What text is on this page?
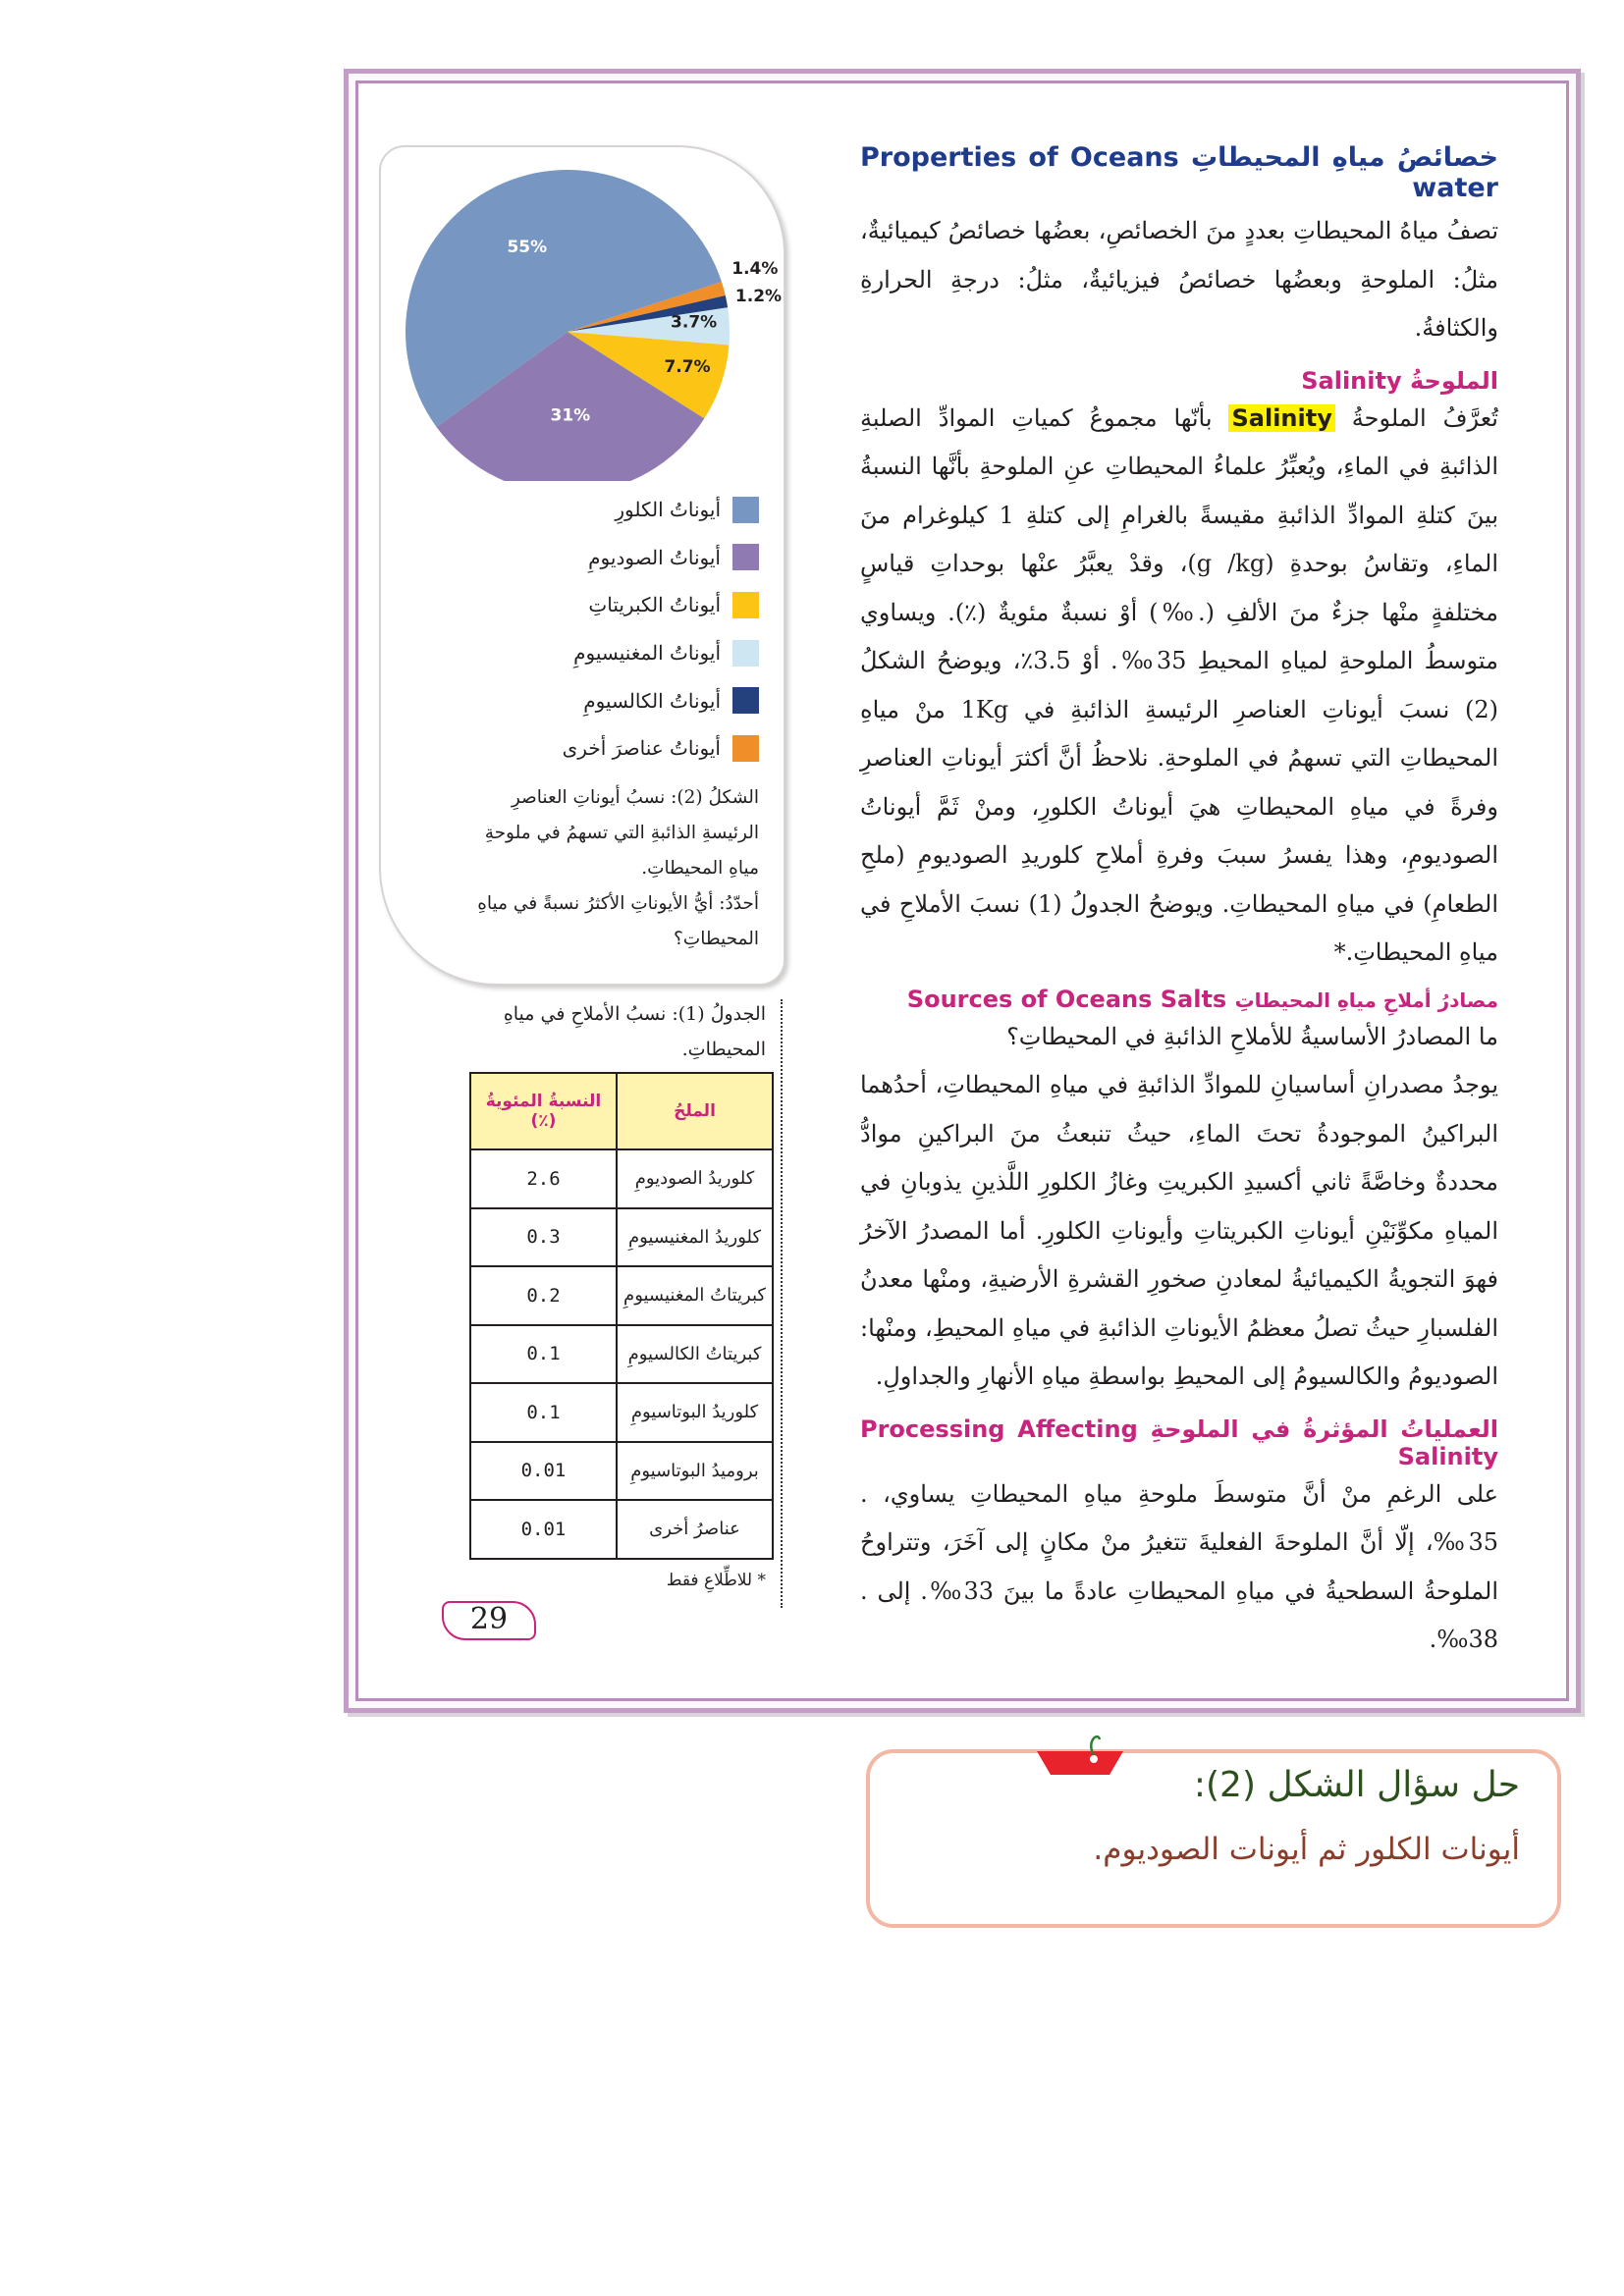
1.4%
1.2%
3.7%
7.7%
31%
55%
أيوناتُ الكلورِ
أيوناتُ الصوديومِ
أيوناتُ الكبريتاتِ
أيوناتُ المغنيسيومِ
أيوناتُ الكالسيومِ
أيوناتُ عناصرَ أخرى

الشكلُ (2): نسبُ أيوناتِ العناصرِ الرئيسةِ الذائبةِ التي تسهمُ في ملوحةِ مياهِ المحيطاتِ.

أحدّدُ: أيُّ الأيوناتِ الأكثرُ نسبةً في مياهِ المحيطاتِ؟

خصائصُ مياهِ المحيطاتِ Properties of Oceans water

تصفُ مياهُ المحيطاتِ بعددٍ منَ الخصائصِ، بعضُها خصائصُ كيميائيةٌ، مثلُ: الملوحةِ وبعضُها خصائصُ فيزيائيةٌ، مثلُ: درجةِ الحرارةِ والكثافةُ.

الملوحةُ Salinity

تُعرَّفُ الملوحةُ Salinity بأنّها مجموعُ كمياتِ الموادِّ الصلبةِ الذائبةِ في الماءِ، ويُعبِّرُ علماءُ المحيطاتِ عنِ الملوحةِ بأنَّها النسبةُ بينَ كتلةِ الموادِّ الذائبةِ مقيسةً بالغرامِ إلى كتلةِ 1 كيلوغرام منَ الماءِ، وتقاسُ بوحدةِ (g /kg)، وقدْ يعبَّرُ عنْها بوحداتِ قياسٍ مختلفةٍ منْها جزءٌ منَ الألفِ (.‰) أوْ نسبةٌ مئويةٌ (٪). ويساوي متوسطُ الملوحةِ لمياهِ المحيطِ ‎.‰35 أوْ ‎٪3.5، ويوضحُ الشكلُ (2) نسبَ أيوناتِ العناصرِ الرئيسةِ الذائبةِ في 1Kg منْ مياهِ المحيطاتِ التي تسهمُ في الملوحةِ. نلاحظُ أنَّ أكثرَ أيوناتِ العناصرِ وفرةً في مياهِ المحيطاتِ هيَ أيوناتُ الكلورِ، ومنْ ثَمَّ أيوناتُ الصوديومِ، وهذا يفسرُ سببَ وفرةِ أملاحِ كلوريدِ الصوديومِ (ملحِ الطعامِ) في مياهِ المحيطاتِ. ويوضحُ الجدولُ (1) نسبَ الأملاحِ في مياهِ المحيطاتِ.*

مصادرُ أملاحِ مياهِ المحيطاتِ Sources of Oceans Salts

ما المصادرُ الأساسيةُ للأملاحِ الذائبةِ في المحيطاتِ؟

يوجدُ مصدرانِ أساسيانِ للموادِّ الذائبةِ في مياهِ المحيطاتِ، أحدُهما البراكينُ الموجودةُ تحتَ الماءِ، حيثُ تنبعثُ منَ البراكينِ موادُّ محددةٌ وخاصَّةً ثاني أكسيدِ الكبريتِ وغازُ الكلورِ اللَّذينِ يذوبانِ في المياهِ مكوِّنَيْنِ أيوناتِ الكبريتاتِ وأيوناتِ الكلورِ. أما المصدرُ الآخرُ فهوَ التجويةُ الكيميائيةُ لمعادنِ صخورِ القشرةِ الأرضيةِ، ومنْها معدنُ الفلسبارِ حيثُ تصلُ معظمُ الأيوناتِ الذائبةِ في مياهِ المحيطِ، ومنْها: الصوديومُ والكالسيومُ إلى المحيطِ بواسطةِ مياهِ الأنهارِ والجداولِ.

العملياتُ المؤثرةُ في الملوحةِ Processing Affecting Salinity

على الرغمِ منْ أنَّ متوسطَ ملوحةِ مياهِ المحيطاتِ يساوي، ‎.‰35، إلّا أنَّ الملوحةَ الفعليةَ تتغيرُ منْ مكانٍ إلى آخَرَ، وتتراوحُ الملوحةُ السطحيةُ في مياهِ المحيطاتِ عادةً ما بينَ ‎.‰33 إلى ‎.‰38.

الجدولُ (1): نسبُ الأملاحِ في مياهِ المحيطاتِ.

الملحُ	النسبةُ المئويةُ (٪)
كلوريدُ الصوديومِ	2.6
كلوريدُ المغنيسيومِ	0.3
كبريتاتُ المغنيسيومِ	0.2
كبريتاتُ الكالسيومِ	0.1
كلوريدُ البوتاسيومِ	0.1
بروميدُ البوتاسيومِ	0.01
عناصرُ أخرى	0.01

* للاطِّلاعِ فقط

29

حل سؤال الشكل (2):

أيونات الكلور ثم أيونات الصوديوم.
